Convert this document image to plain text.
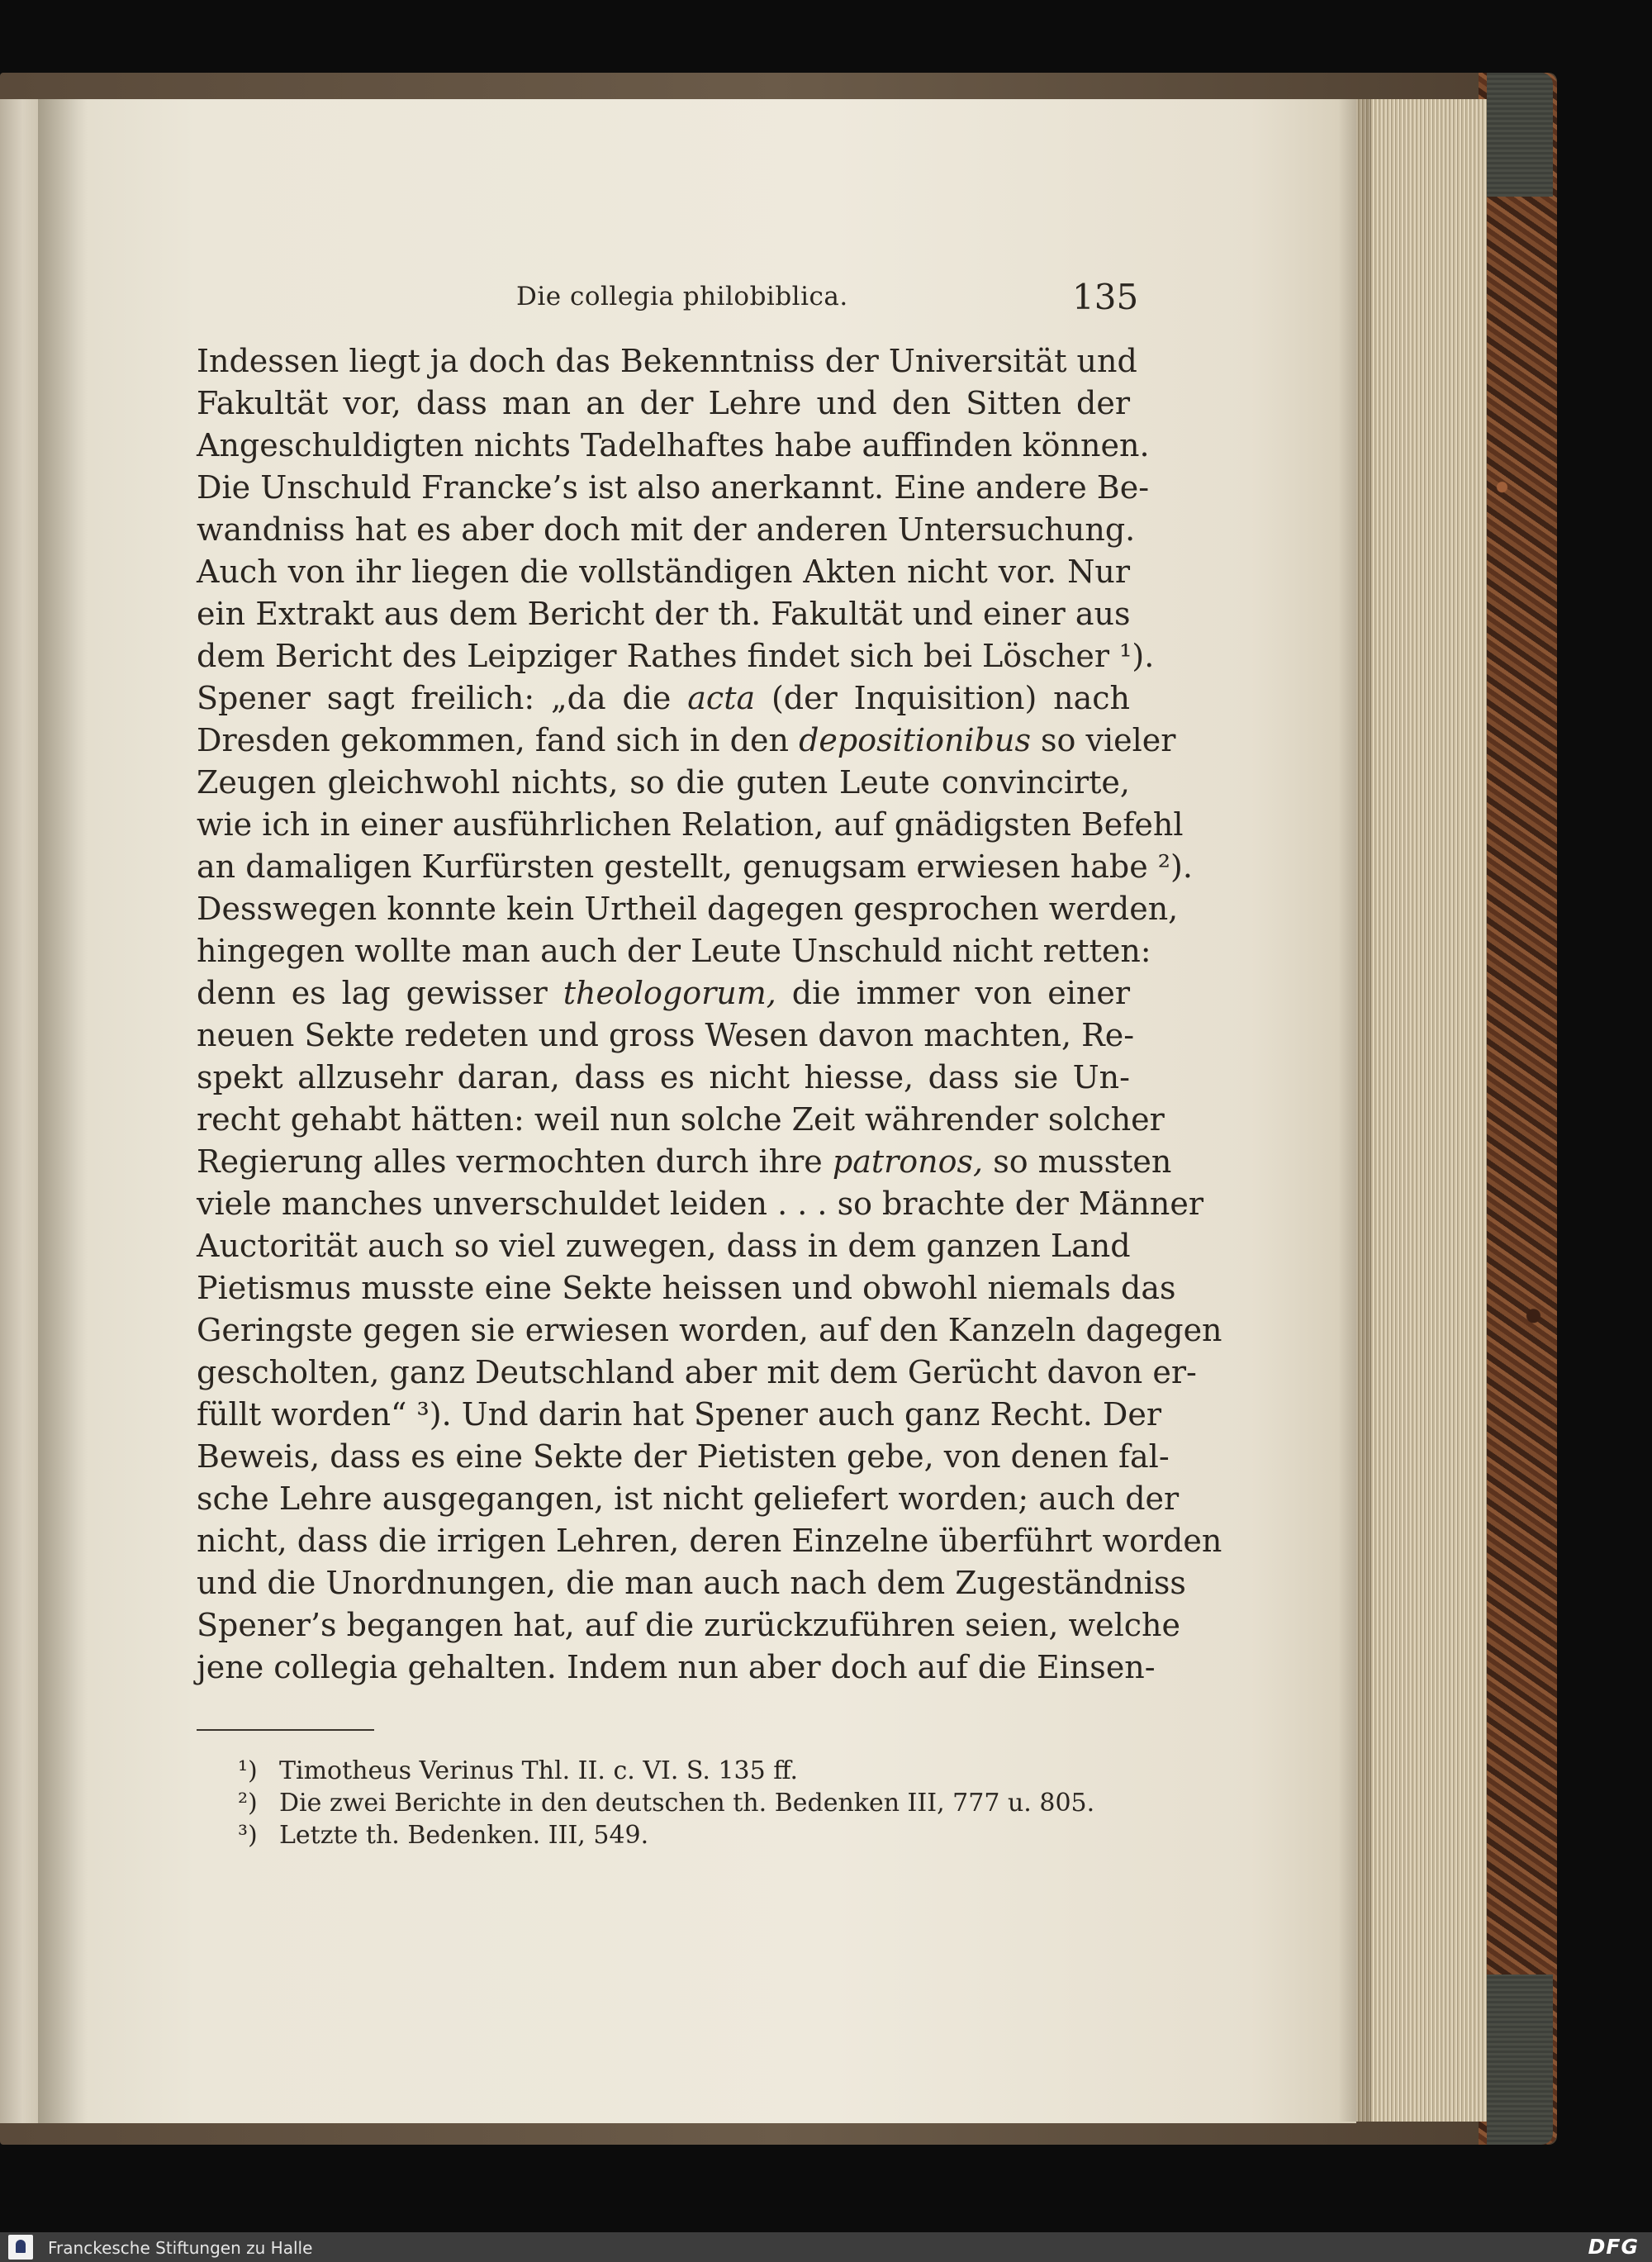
Die collegia philobiblica.	135
Indessen liegt ja doch das Bekenntniss der Universität und
Fakultät vor, dass man an der Lehre und den Sitten der
Angeschuldigten nichts Tadelhaftes habe auffinden können.
Die Unschuld Francke’s ist also anerkannt. Eine andere Be-
wandniss hat es aber doch mit der anderen Untersuchung.
Auch von ihr liegen die vollständigen Akten nicht vor. Nur
ein Extrakt aus dem Bericht der th. Fakultät und einer aus
dem Bericht des Leipziger Rathes findet sich bei Löscher ¹).
Spener sagt freilich: „da die acta (der Inquisition) nach
Dresden gekommen, fand sich in den depositionibus so vieler
Zeugen gleichwohl nichts, so die guten Leute convincirte,
wie ich in einer ausführlichen Relation, auf gnädigsten Befehl
an damaligen Kurfürsten gestellt, genugsam erwiesen habe ²).
Desswegen konnte kein Urtheil dagegen gesprochen werden,
hingegen wollte man auch der Leute Unschuld nicht retten:
denn es lag gewisser theologorum, die immer von einer
neuen Sekte redeten und gross Wesen davon machten, Re-
spekt allzusehr daran, dass es nicht hiesse, dass sie Un-
recht gehabt hätten: weil nun solche Zeit währender solcher
Regierung alles vermochten durch ihre patronos, so mussten
viele manches unverschuldet leiden . . . so brachte der Männer
Auctorität auch so viel zuwegen, dass in dem ganzen Land
Pietismus musste eine Sekte heissen und obwohl niemals das
Geringste gegen sie erwiesen worden, auf den Kanzeln dagegen
gescholten, ganz Deutschland aber mit dem Gerücht davon er-
füllt worden“ ³). Und darin hat Spener auch ganz Recht. Der
Beweis, dass es eine Sekte der Pietisten gebe, von denen fal-
sche Lehre ausgegangen, ist nicht geliefert worden; auch der
nicht, dass die irrigen Lehren, deren Einzelne überführt worden
und die Unordnungen, die man auch nach dem Zugeständniss
Spener’s begangen hat, auf die zurückzuführen seien, welche
jene collegia gehalten. Indem nun aber doch auf die Einsen-
¹) Timotheus Verinus Thl. II. c. VI. S. 135 ff.
²) Die zwei Berichte in den deutschen th. Bedenken III, 777 u. 805.
³) Letzte th. Bedenken. III, 549.
Franckesche Stiftungen zu Halle	DFG
